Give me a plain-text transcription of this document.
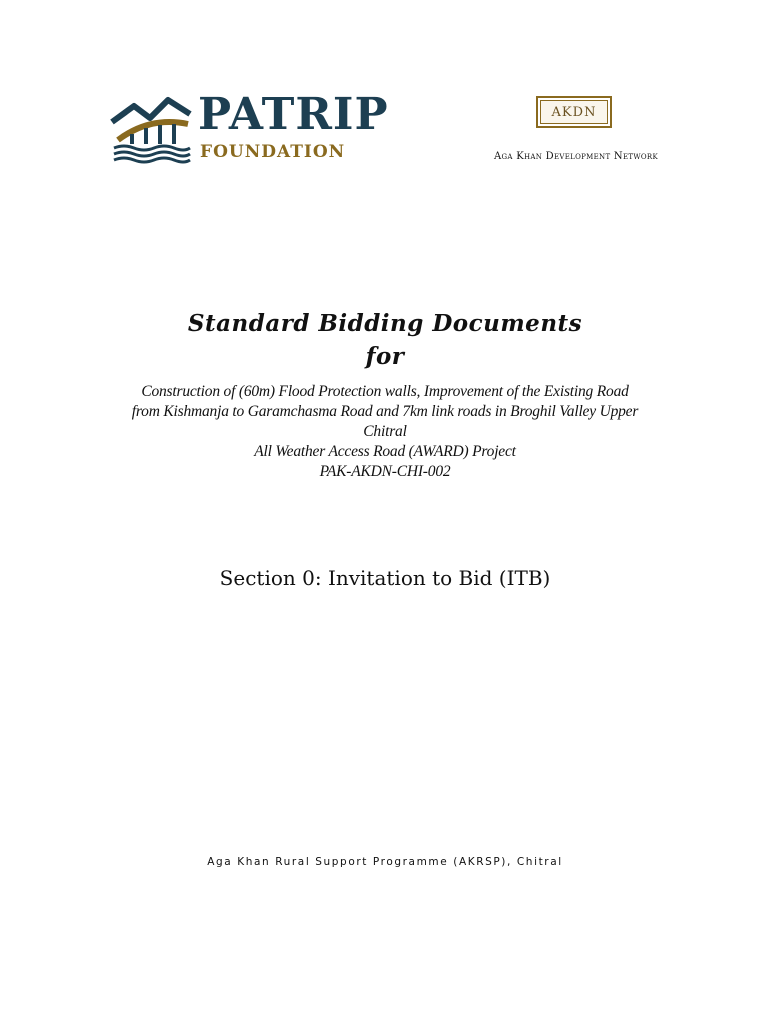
PATRIP
FOUNDATION
AKDN
Aga Khan Development Network
Standard Bidding Documents
for
Construction of (60m) Flood Protection walls, Improvement of the Existing Road
from Kishmanja to Garamchasma Road and 7km link roads in Broghil Valley Upper
Chitral
All Weather Access Road (AWARD) Project
PAK-AKDN-CHI-002
Section 0: Invitation to Bid (ITB)
Aga Khan Rural Support Programme (AKRSP), Chitral
